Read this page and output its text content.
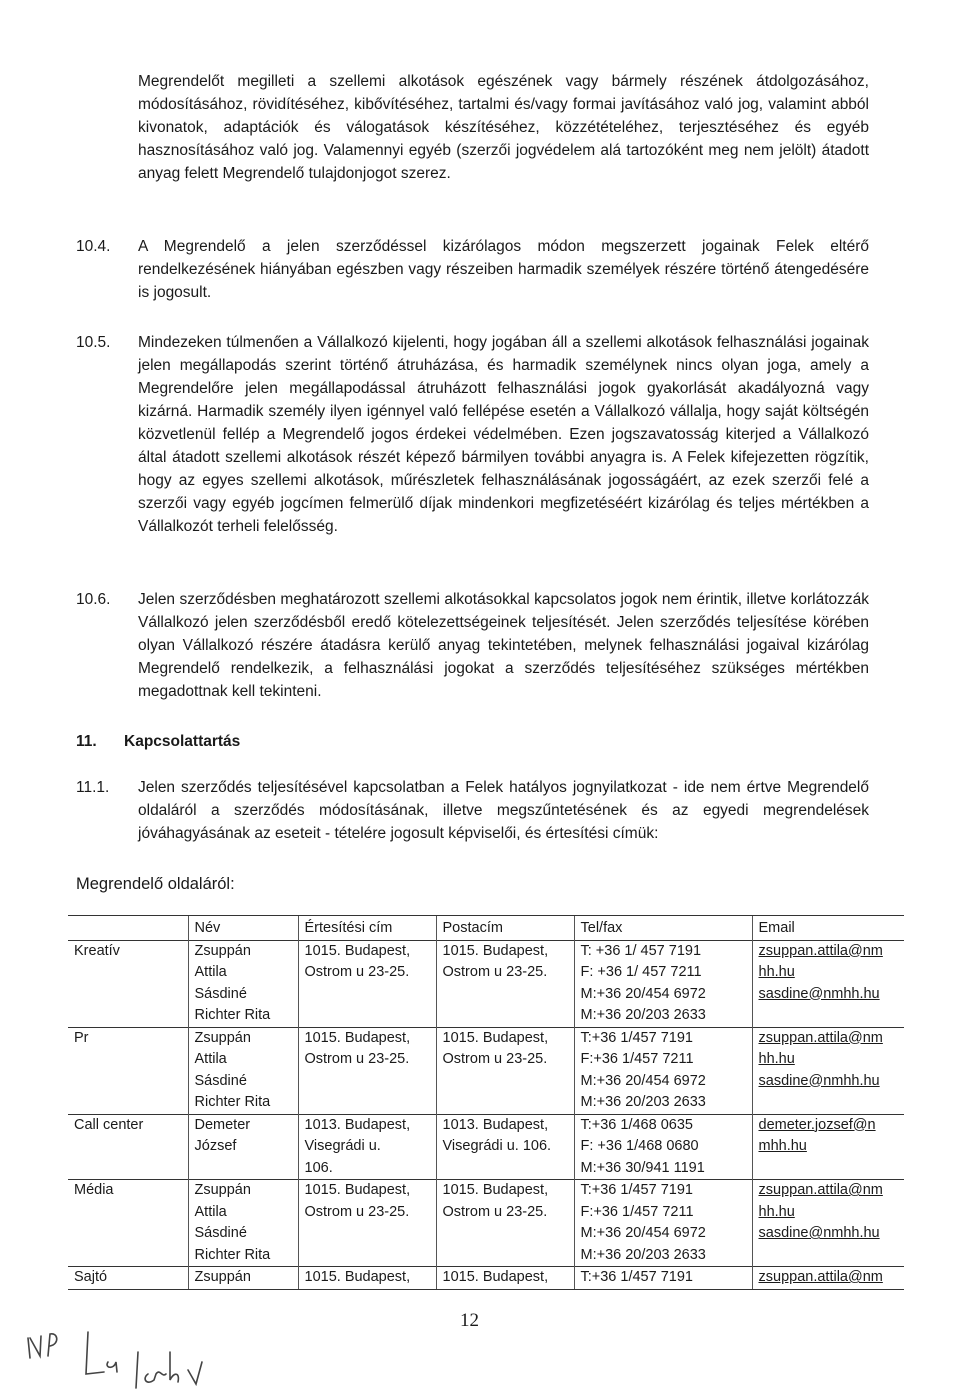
Megrendelőt megilleti a szellemi alkotások egészének vagy bármely részének átdolgozásához, módosításához, rövidítéséhez, kibővítéséhez, tartalmi és/vagy formai javításához való jog, valamint abból kivonatok, adaptációk és válogatások készítéséhez, közzétételéhez, terjesztéséhez és egyéb hasznosításához való jog. Valamennyi egyéb (szerzői jogvédelem alá tartozóként meg nem jelölt) átadott anyag felett Megrendelő tulajdonjogot szerez.

10.4. A Megrendelő a jelen szerződéssel kizárólagos módon megszerzett jogainak Felek eltérő rendelkezésének hiányában egészben vagy részeiben harmadik személyek részére történő átengedésére is jogosult.

10.5. Mindezeken túlmenően a Vállalkozó kijelenti, hogy jogában áll a szellemi alkotások felhasználási jogainak jelen megállapodás szerint történő átruházása, és harmadik személynek nincs olyan joga, amely a Megrendelőre jelen megállapodással átruházott felhasználási jogok gyakorlását akadályozná vagy kizárná. Harmadik személy ilyen igénnyel való fellépése esetén a Vállalkozó vállalja, hogy saját költségén közvetlenül fellép a Megrendelő jogos érdekei védelmében. Ezen jogszavatosság kiterjed a Vállalkozó által átadott szellemi alkotások részét képező bármilyen további anyagra is. A Felek kifejezetten rögzítik, hogy az egyes szellemi alkotások, műrészletek felhasználásának jogosságáért, az ezek szerzői felé a szerzői vagy egyéb jogcímen felmerülő díjak mindenkori megfizetéséért kizárólag és teljes mértékben a Vállalkozót terheli felelősség.

10.6. Jelen szerződésben meghatározott szellemi alkotásokkal kapcsolatos jogok nem érintik, illetve korlátozzák Vállalkozó jelen szerződésből eredő kötelezettségeinek teljesítését. Jelen szerződés teljesítése körében olyan Vállalkozó részére átadásra kerülő anyag tekintetében, melynek felhasználási jogaival kizárólag Megrendelő rendelkezik, a felhasználási jogokat a szerződés teljesítéséhez szükséges mértékben megadottnak kell tekinteni.

11. Kapcsolattartás
11.1. Jelen szerződés teljesítésével kapcsolatban a Felek hatályos jognyilatkozat - ide nem értve Megrendelő oldaláról a szerződés módosításának, illetve megszűntetésének és az egyedi megrendelések jóváhagyásának az eseteit - tételére jogosult képviselői, és értesítési címük:

Megrendelő oldaláról:
	Név	Értesítési cím	Postacím	Tel/fax	Email

Kreatív	Zsuppán
Attila
Sásdiné
Richter Rita	1015. Budapest,
Ostrom u 23-25.	1015. Budapest,
Ostrom u 23-25.	T: +36 1/ 457 7191
F: +36 1/ 457 7211
M:+36 20/454 6972
M:+36 20/203 2633	zsuppan.attila@nm
hh.hu
sasdine@nmhh.hu

Pr	Zsuppán
Attila
Sásdiné
Richter Rita	1015. Budapest,
Ostrom u 23-25.	1015. Budapest,
Ostrom u 23-25.	T:+36 1/457 7191
F:+36 1/457 7211
M:+36 20/454 6972
M:+36 20/203 2633	zsuppan.attila@nm
hh.hu
sasdine@nmhh.hu

Call center	Demeter
József	1013. Budapest,
Visegrádi u.
106.	1013. Budapest,
Visegrádi u. 106.	T:+36 1/468 0635
F: +36 1/468 0680
M:+36 30/941 1191	demeter.jozsef@n
mhh.hu

Média	Zsuppán
Attila
Sásdiné
Richter Rita	1015. Budapest,
Ostrom u 23-25.	1015. Budapest,
Ostrom u 23-25.	T:+36 1/457 7191
F:+36 1/457 7211
M:+36 20/454 6972
M:+36 20/203 2633	zsuppan.attila@nm
hh.hu
sasdine@nmhh.hu

Sajtó	Zsuppán	1015. Budapest,	1015. Budapest,	T:+36 1/457 7191	zsuppan.attila@nm
12
